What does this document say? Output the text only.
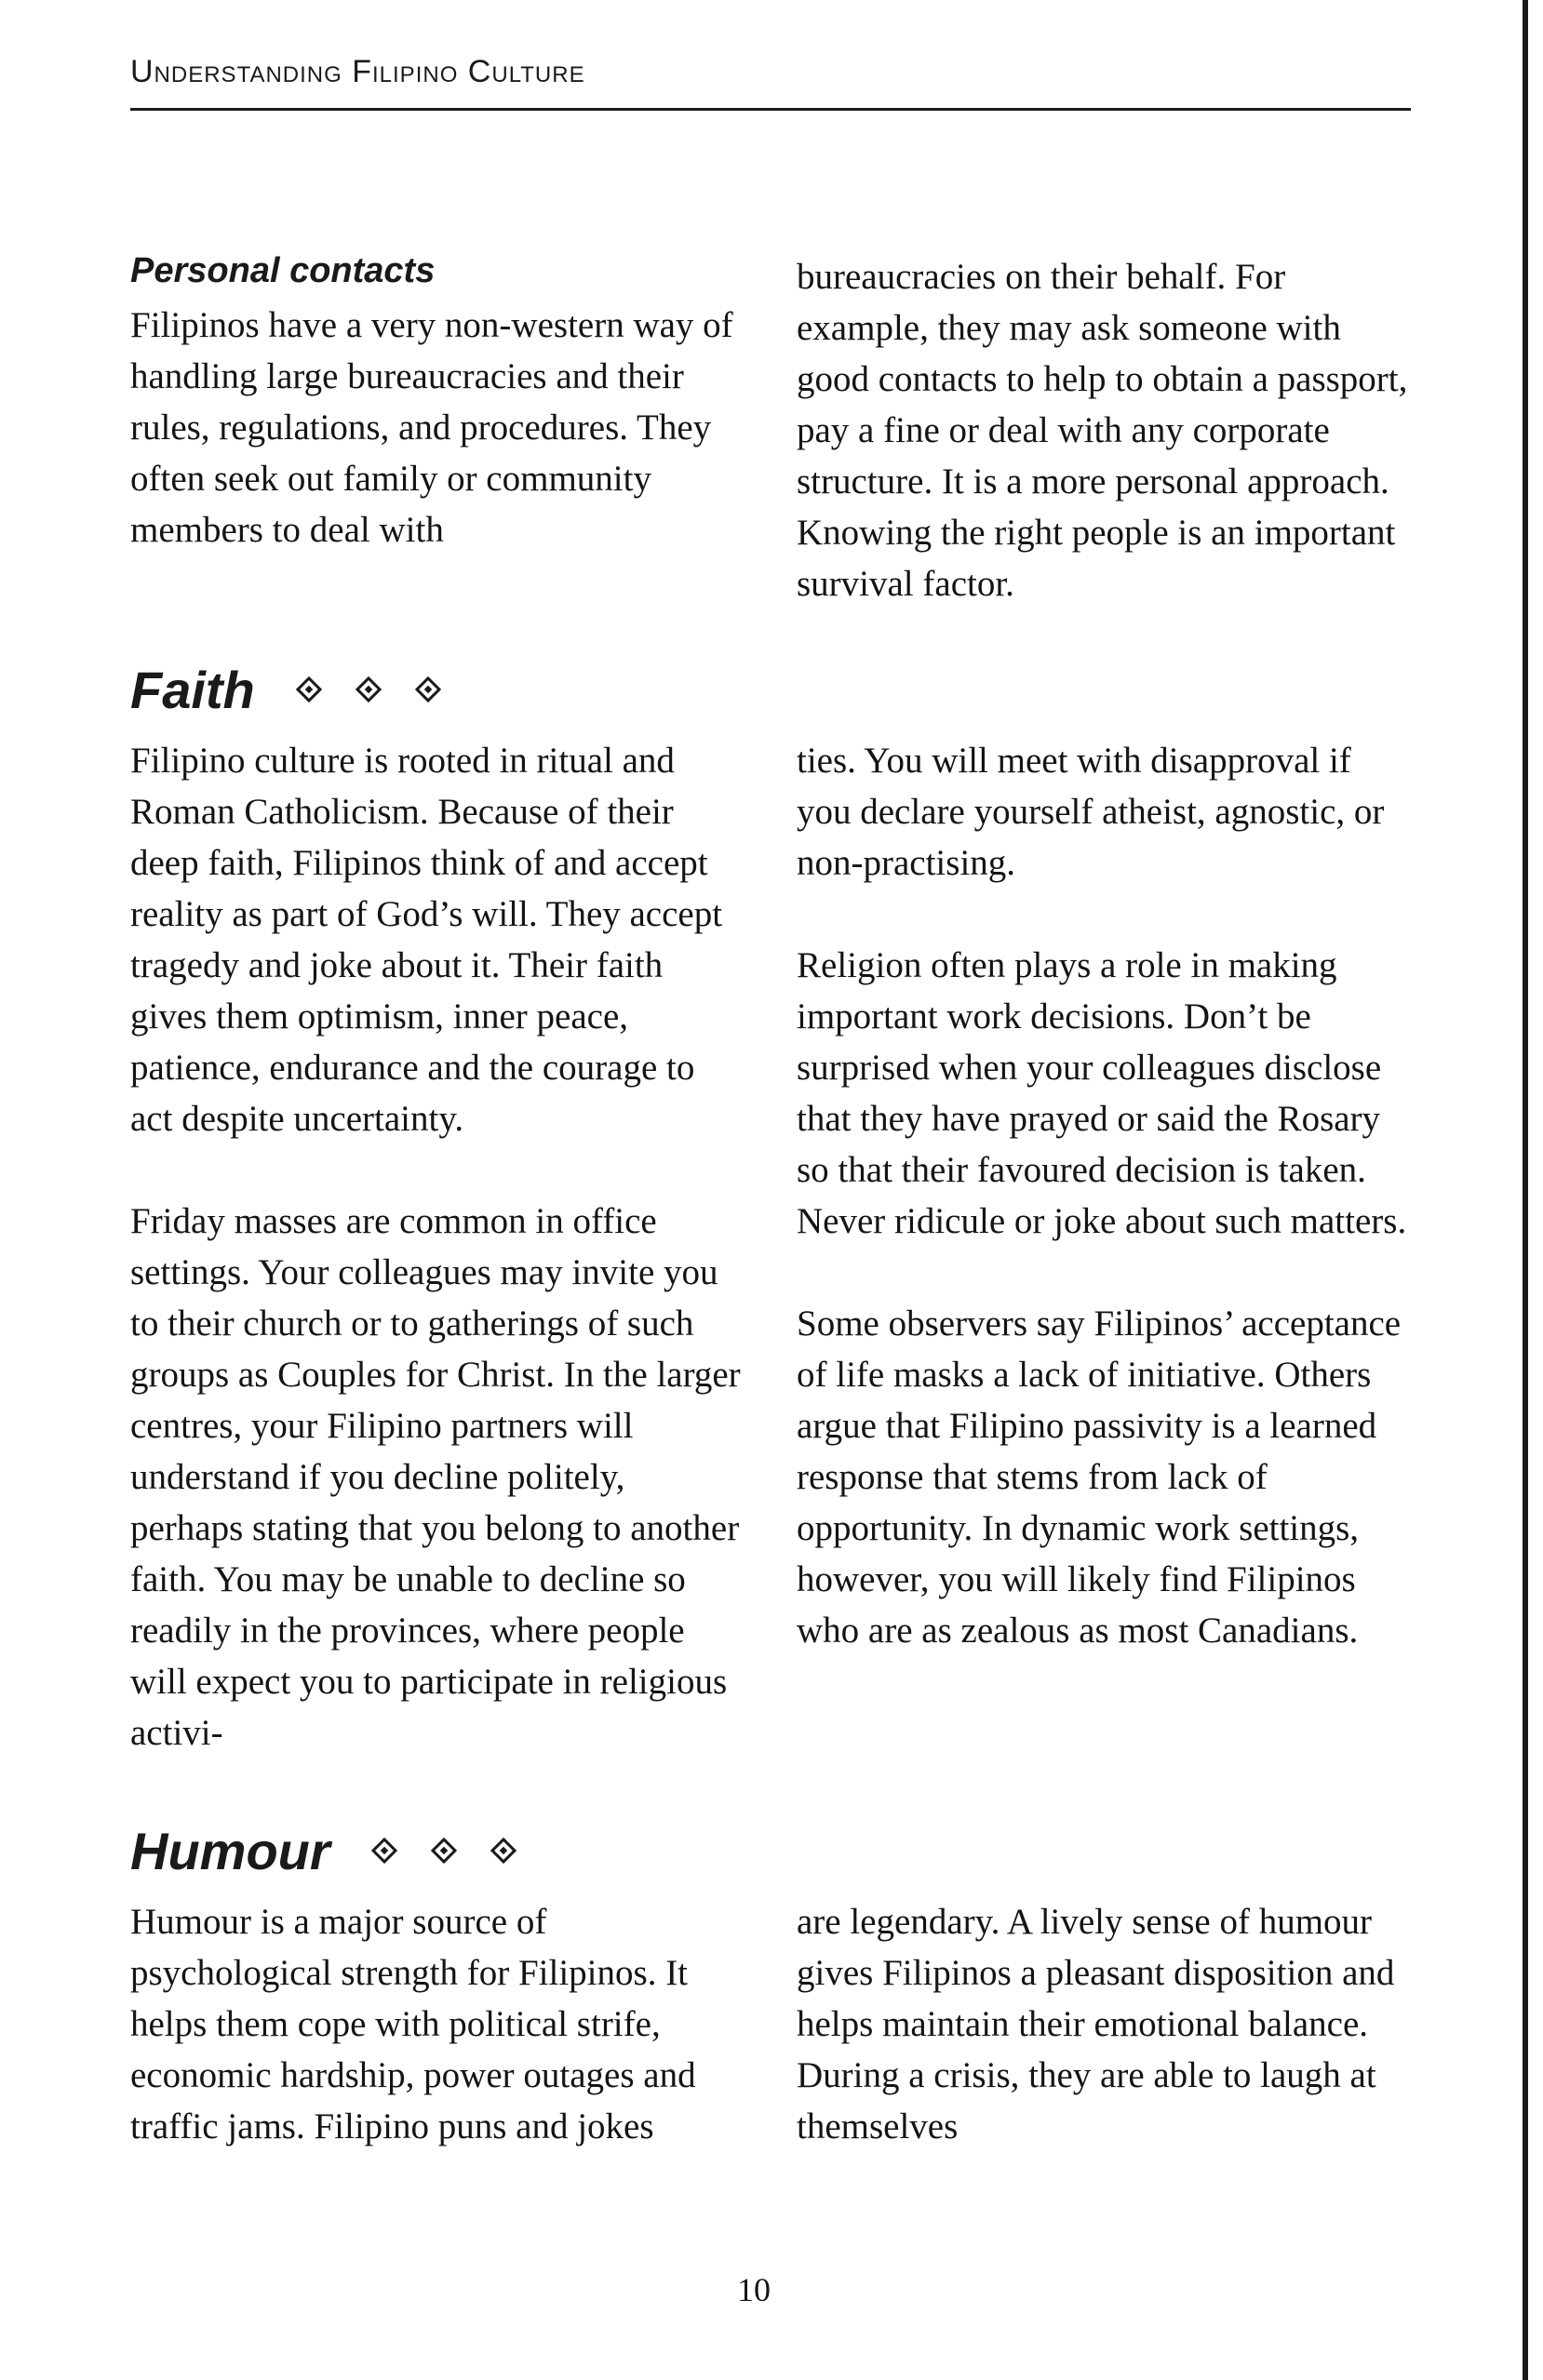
Understanding Filipino Culture
Personal contacts

Filipinos have a very non-western way of handling large bureaucracies and their rules, regulations, and procedures. They often seek out family or community members to deal with

bureaucracies on their behalf. For example, they may ask someone with good contacts to help to obtain a passport, pay a fine or deal with any corporate structure. It is a more personal approach. Knowing the right people is an important survival factor.

Faith

Filipino culture is rooted in ritual and Roman Catholicism. Because of their deep faith, Filipinos think of and accept reality as part of God’s will. They accept tragedy and joke about it. Their faith gives them optimism, inner peace, patience, endurance and the courage to act despite uncertainty.

Friday masses are common in office settings. Your colleagues may invite you to their church or to gatherings of such groups as Couples for Christ. In the larger centres, your Filipino partners will understand if you decline politely, perhaps stating that you belong to another faith. You may be unable to decline so readily in the provinces, where people will expect you to participate in religious activi-

ties. You will meet with disapproval if you declare yourself atheist, agnostic, or non-practising.

Religion often plays a role in making important work decisions. Don’t be surprised when your colleagues disclose that they have prayed or said the Rosary so that their favoured decision is taken. Never ridicule or joke about such matters.

Some observers say Filipinos’ acceptance of life masks a lack of initiative. Others argue that Filipino passivity is a learned response that stems from lack of opportunity. In dynamic work settings, however, you will likely find Filipinos who are as zealous as most Canadians.

Humour

Humour is a major source of psychological strength for Filipinos. It helps them cope with political strife, economic hardship, power outages and traffic jams. Filipino puns and jokes

are legendary. A lively sense of humour gives Filipinos a pleasant disposition and helps maintain their emotional balance. During a crisis, they are able to laugh at themselves

10
